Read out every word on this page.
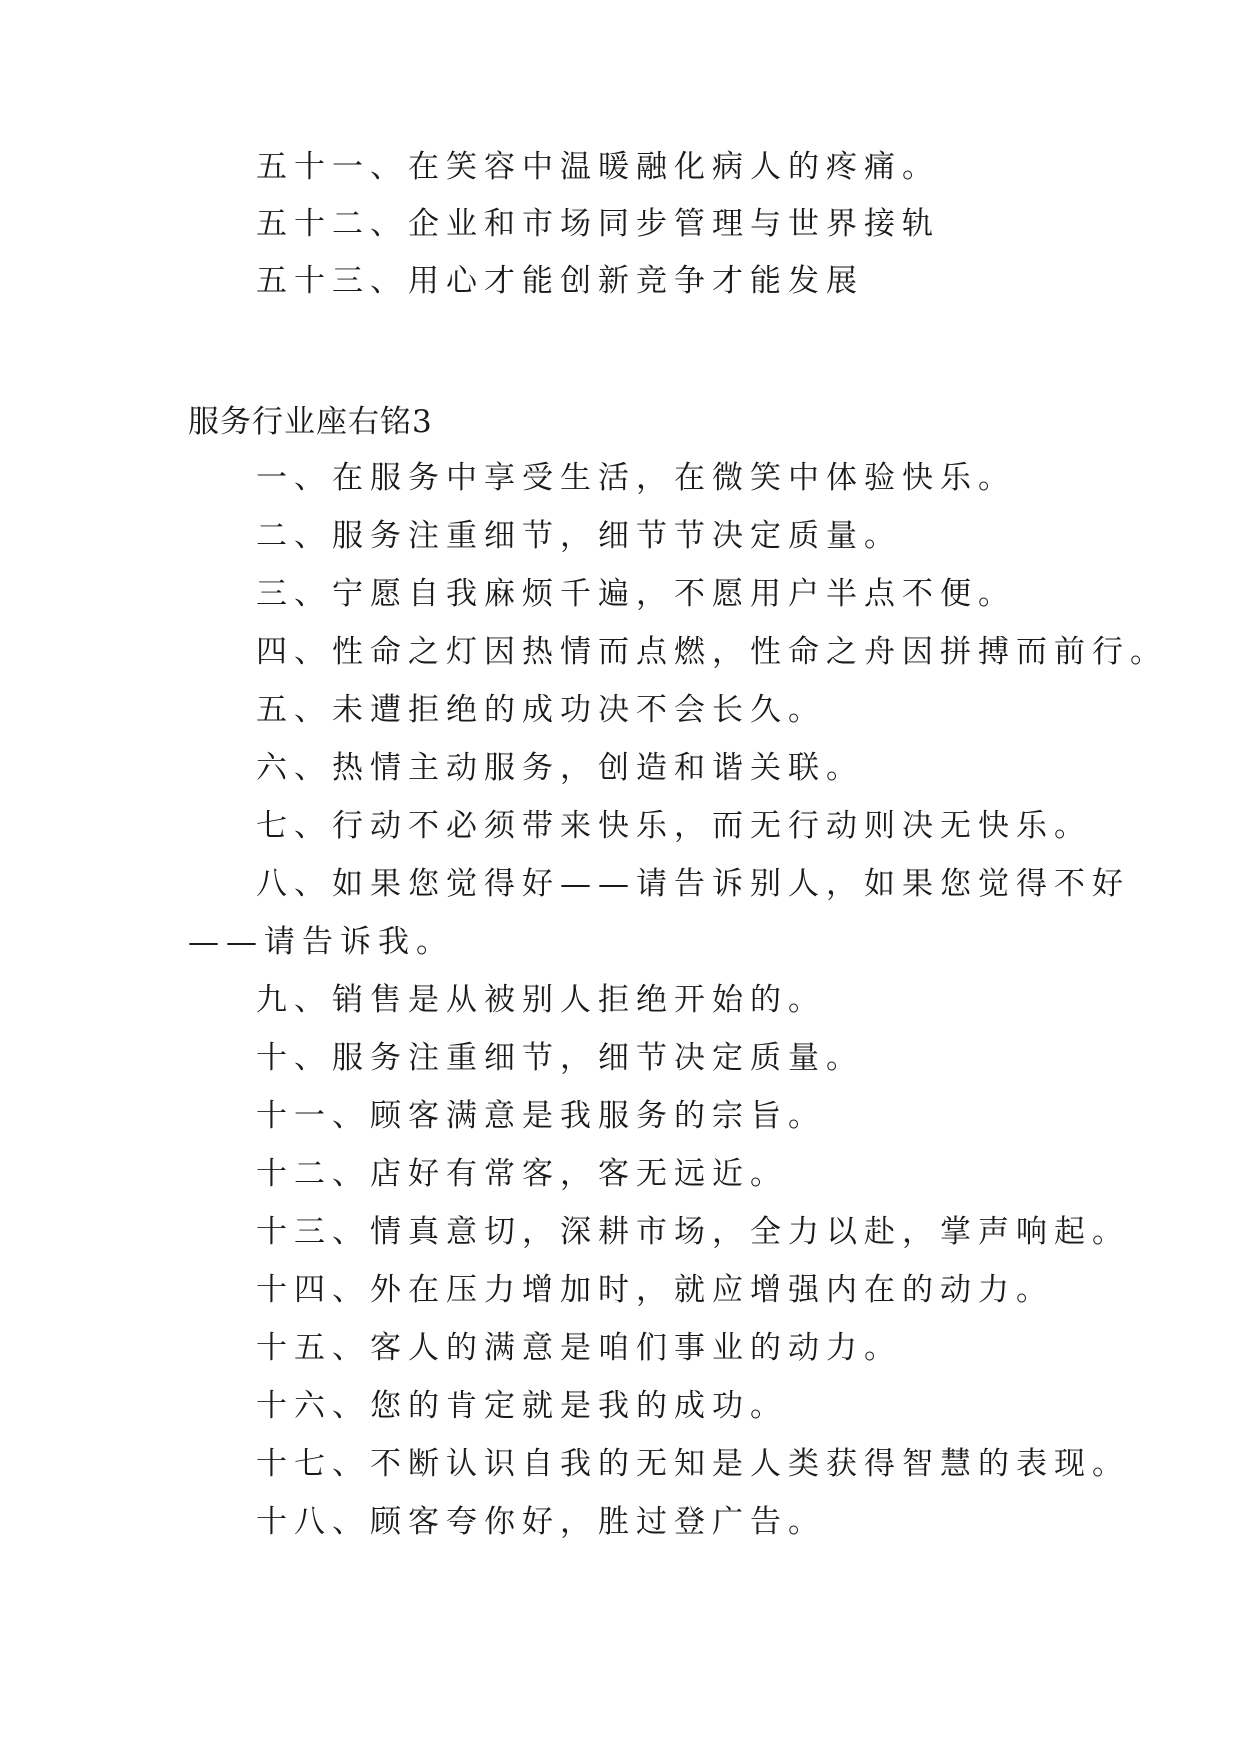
五十一、在笑容中温暖融化病人的疼痛。
五十二、企业和市场同步管理与世界接轨
五十三、用心才能创新竞争才能发展
服务行业座右铭3
一、在服务中享受生活，在微笑中体验快乐。
二、服务注重细节，细节节决定质量。
三、宁愿自我麻烦千遍，不愿用户半点不便。
四、性命之灯因热情而点燃，性命之舟因拼搏而前行。
五、未遭拒绝的成功决不会长久。
六、热情主动服务，创造和谐关联。
七、行动不必须带来快乐，而无行动则决无快乐。
八、如果您觉得好——请告诉别人，如果您觉得不好
——请告诉我。
九、销售是从被别人拒绝开始的。
十、服务注重细节，细节决定质量。
十一、顾客满意是我服务的宗旨。
十二、店好有常客，客无远近。
十三、情真意切，深耕市场，全力以赴，掌声响起。
十四、外在压力增加时，就应增强内在的动力。
十五、客人的满意是咱们事业的动力。
十六、您的肯定就是我的成功。
十七、不断认识自我的无知是人类获得智慧的表现。
十八、顾客夸你好，胜过登广告。
